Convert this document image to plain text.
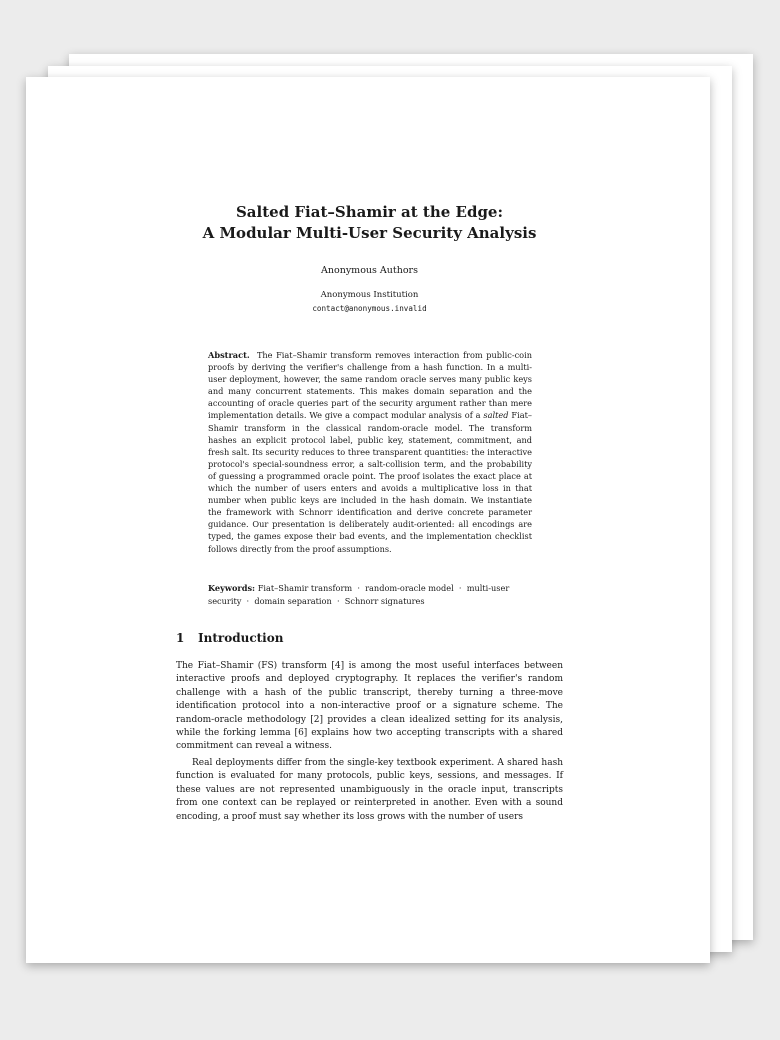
Salted Fiat–Shamir at the Edge:
A Modular Multi-User Security Analysis
Anonymous Authors
Anonymous Institution
contact@anonymous.invalid

Abstract. The Fiat–Shamir transform removes interaction from public-coin proofs by deriving the verifier's challenge from a hash function. In a multi-user deployment, however, the same random oracle serves many public keys and many concurrent statements. This makes domain separation and the accounting of oracle queries part of the security argument rather than mere implementation details. We give a compact modular analysis of a salted Fiat–Shamir transform in the classical random-oracle model. The transform hashes an explicit protocol label, public key, statement, commitment, and fresh salt. Its security reduces to three transparent quantities: the interactive protocol's special-soundness error, a salt-collision term, and the probability of guessing a programmed oracle point. The proof isolates the exact place at which the number of users enters and avoids a multiplicative loss in that number when public keys are included in the hash domain. We instantiate the framework with Schnorr identification and derive concrete parameter guidance. Our presentation is deliberately audit-oriented: all encodings are typed, the games expose their bad events, and the implementation checklist follows directly from the proof assumptions.

Keywords: Fiat–Shamir transform  ·  random-oracle model  ·  multi-user security  ·  domain separation  ·  Schnorr signatures

1 Introduction

The Fiat–Shamir (FS) transform [4] is among the most useful interfaces between interactive proofs and deployed cryptography. It replaces the verifier's random challenge with a hash of the public transcript, thereby turning a three-move identification protocol into a non-interactive proof or a signature scheme. The random-oracle methodology [2] provides a clean idealized setting for its analysis, while the forking lemma [6] explains how two accepting transcripts with a shared commitment can reveal a witness.

Real deployments differ from the single-key textbook experiment. A shared hash function is evaluated for many protocols, public keys, sessions, and messages. If these values are not represented unambiguously in the oracle input, transcripts from one context can be replayed or reinterpreted in another. Even with a sound encoding, a proof must say whether its loss grows with the number of users
